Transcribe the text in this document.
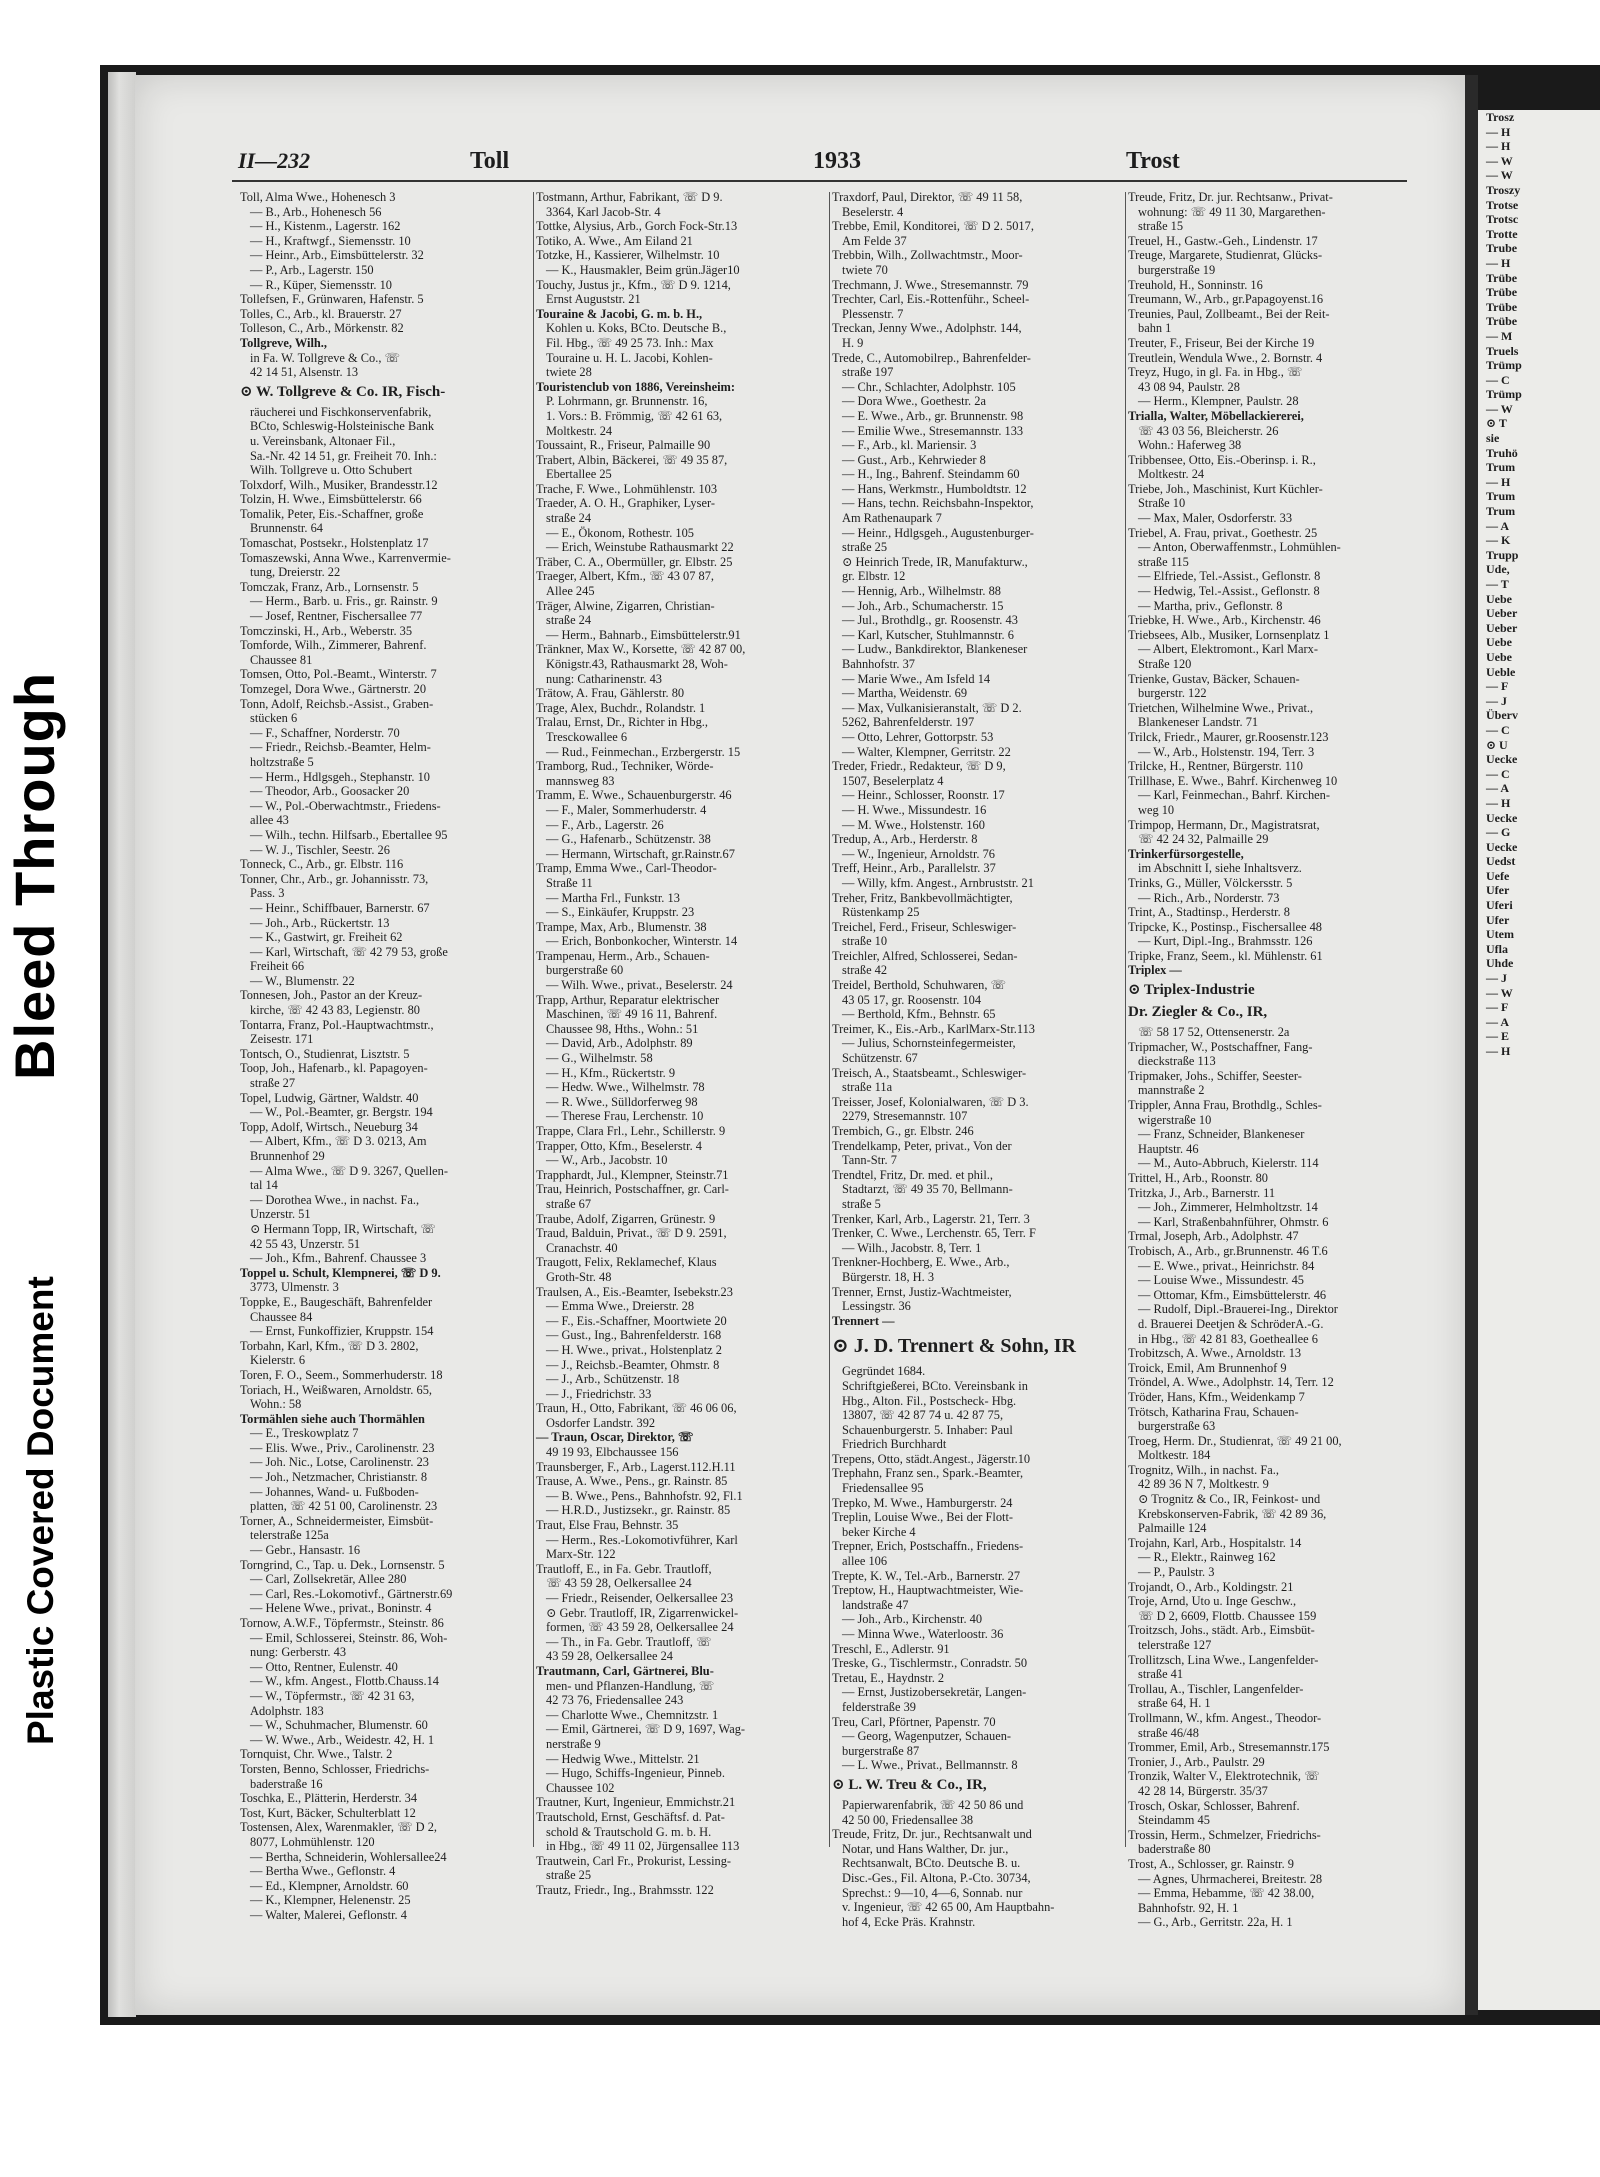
Bleed Through
Plastic Covered Document
Trosz
— H
— H
— W
— W
Troszy
Trotse
Trotsc
Trotte
Trube
— H
Trübe
Trübe
Trübe
Trübe
— M
Truels
Trümp
— C
Trümp
— W
⊙ T
sie
Truhö
Trum
— H
Trum
Trum
— A
— K
Trupp
Ude,
— T
Uebe
Ueber
Ueber
Uebe
Uebe
Ueble
— F
— J
Überv
— C
⊙ U
Uecke
— C
— A
— H
Uecke
— G
Uecke
Uedst
Uefe
Ufer
Uferi
Ufer
Utem
Ufla
Uhde
— J
— W
— F
— A
— E
— H
II—232	Toll	1933	Trost
Toll, Alma Wwe., Hohenesch 3
— B., Arb., Hohenesch 56
— H., Kistenm., Lagerstr. 162
— H., Kraftwgf., Siemensstr. 10
— Heinr., Arb., Eimsbüttelerstr. 32
— P., Arb., Lagerstr. 150
— R., Küper, Siemensstr. 10
Tollefsen, F., Grünwaren, Hafenstr. 5
Tolles, C., Arb., kl. Brauerstr. 27
Tolleson, C., Arb., Mörkenstr. 82
Tollgreve, Wilh.,
in Fa. W. Tollgreve & Co., ☏
42 14 51, Alsenstr. 13
⊙ W. Tollgreve & Co. IR, Fisch-
räucherei und Fischkonservenfabrik,
BCto, Schleswig-Holsteinische Bank
u. Vereinsbank, Altonaer Fil.,
Sa.-Nr. 42 14 51, gr. Freiheit 70. Inh.:
Wilh. Tollgreve u. Otto Schubert
Tolxdorf, Wilh., Musiker, Brandesstr.12
Tolzin, H. Wwe., Eimsbüttelerstr. 66
Tomalik, Peter, Eis.-Schaffner, große
Brunnenstr. 64
Tomaschat, Postsekr., Holstenplatz 17
Tomaszewski, Anna Wwe., Karrenvermie-
tung, Dreierstr. 22
Tomczak, Franz, Arb., Lornsenstr. 5
— Herm., Barb. u. Fris., gr. Rainstr. 9
— Josef, Rentner, Fischersallee 77
Tomczinski, H., Arb., Weberstr. 35
Tomforde, Wilh., Zimmerer, Bahrenf.
Chaussee 81
Tomsen, Otto, Pol.-Beamt., Winterstr. 7
Tomzegel, Dora Wwe., Gärtnerstr. 20
Tonn, Adolf, Reichsb.-Assist., Graben-
stücken 6
— F., Schaffner, Norderstr. 70
— Friedr., Reichsb.-Beamter, Helm-
holtzstraße 5
— Herm., Hdlgsgeh., Stephanstr. 10
— Theodor, Arb., Goosacker 20
— W., Pol.-Oberwachtmstr., Friedens-
allee 43
— Wilh., techn. Hilfsarb., Ebertallee 95
— W. J., Tischler, Seestr. 26
Tonneck, C., Arb., gr. Elbstr. 116
Tonner, Chr., Arb., gr. Johannisstr. 73,
Pass. 3
— Heinr., Schiffbauer, Barnerstr. 67
— Joh., Arb., Rückertstr. 13
— K., Gastwirt, gr. Freiheit 62
— Karl, Wirtschaft, ☏ 42 79 53, große
Freiheit 66
— W., Blumenstr. 22
Tonnesen, Joh., Pastor an der Kreuz-
kirche, ☏ 42 43 83, Legienstr. 80
Tontarra, Franz, Pol.-Hauptwachtmstr.,
Zeisestr. 171
Tontsch, O., Studienrat, Lisztstr. 5
Toop, Joh., Hafenarb., kl. Papagoyen-
straße 27
Topel, Ludwig, Gärtner, Waldstr. 40
— W., Pol.-Beamter, gr. Bergstr. 194
Topp, Adolf, Wirtsch., Neueburg 34
— Albert, Kfm., ☏ D 3. 0213, Am
Brunnenhof 29
— Alma Wwe., ☏ D 9. 3267, Quellen-
tal 14
— Dorothea Wwe., in nachst. Fa.,
Unzerstr. 51
⊙ Hermann Topp, IR, Wirtschaft, ☏
42 55 43, Unzerstr. 51
— Joh., Kfm., Bahrenf. Chaussee 3
Toppel u. Schult, Klempnerei, ☏ D 9.
3773, Ulmenstr. 3
Toppke, E., Baugeschäft, Bahrenfelder
Chaussee 84
— Ernst, Funkoffizier, Kruppstr. 154
Torbahn, Karl, Kfm., ☏ D 3. 2802,
Kielerstr. 6
Toren, F. O., Seem., Sommerhuderstr. 18
Toriach, H., Weißwaren, Arnoldstr. 65,
Wohn.: 58
Tormählen siehe auch Thormählen
— E., Treskowplatz 7
— Elis. Wwe., Priv., Carolinenstr. 23
— Joh. Nic., Lotse, Carolinenstr. 23
— Joh., Netzmacher, Christianstr. 8
— Johannes, Wand- u. Fußboden-
platten, ☏ 42 51 00, Carolinenstr. 23
Torner, A., Schneidermeister, Eimsbüt-
telerstraße 125a
— Gebr., Hansastr. 16
Torngrind, C., Tap. u. Dek., Lornsenstr. 5
— Carl, Zollsekretär, Allee 280
— Carl, Res.-Lokomotivf., Gärtnerstr.69
— Helene Wwe., privat., Boninstr. 4
Tornow, A.W.F., Töpfermstr., Steinstr. 86
— Emil, Schlosserei, Steinstr. 86, Woh-
nung: Gerberstr. 43
— Otto, Rentner, Eulenstr. 40
— W., kfm. Angest., Flottb.Chauss.14
— W., Töpfermstr., ☏ 42 31 63,
Adolphstr. 183
— W., Schuhmacher, Blumenstr. 60
— W. Wwe., Arb., Weidestr. 42, H. 1
Tornquist, Chr. Wwe., Talstr. 2
Torsten, Benno, Schlosser, Friedrichs-
baderstraße 16
Toschka, E., Plätterin, Herderstr. 34
Tost, Kurt, Bäcker, Schulterblatt 12
Tostensen, Alex, Warenmakler, ☏ D 2,
8077, Lohmühlenstr. 120
— Bertha, Schneiderin, Wohlersallee24
— Bertha Wwe., Geflonstr. 4
— Ed., Klempner, Arnoldstr. 60
— K., Klempner, Helenenstr. 25
— Walter, Malerei, Geflonstr. 4
Tostmann, Arthur, Fabrikant, ☏ D 9.
3364, Karl Jacob-Str. 4
Tottke, Alysius, Arb., Gorch Fock-Str.13
Totiko, A. Wwe., Am Eiland 21
Totzke, H., Kassierer, Wilhelmstr. 10
— K., Hausmakler, Beim grün.Jäger10
Touchy, Justus jr., Kfm., ☏ D 9. 1214,
Ernst Auguststr. 21
Touraine & Jacobi, G. m. b. H.,
Kohlen u. Koks, BCto. Deutsche B.,
Fil. Hbg., ☏ 49 25 73. Inh.: Max
Touraine u. H. L. Jacobi, Kohlen-
twiete 28
Touristenclub von 1886, Vereinsheim:
P. Lohrmann, gr. Brunnenstr. 16,
1. Vors.: B. Frömmig, ☏ 42 61 63,
Moltkestr. 24
Toussaint, R., Friseur, Palmaille 90
Trabert, Albin, Bäckerei, ☏ 49 35 87,
Ebertallee 25
Trache, F. Wwe., Lohmühlenstr. 103
Traeder, A. O. H., Graphiker, Lyser-
straße 24
— E., Ökonom, Rothestr. 105
— Erich, Weinstube Rathausmarkt 22
Träber, C. A., Obermüller, gr. Elbstr. 25
Traeger, Albert, Kfm., ☏ 43 07 87,
Allee 245
Träger, Alwine, Zigarren, Christian-
straße 24
— Herm., Bahnarb., Eimsbüttelerstr.91
Tränkner, Max W., Korsette, ☏ 42 87 00,
Königstr.43, Rathausmarkt 28, Woh-
nung: Catharinenstr. 43
Trätow, A. Frau, Gählerstr. 80
Trage, Alex, Buchdr., Rolandstr. 1
Tralau, Ernst, Dr., Richter in Hbg.,
Tresckowallee 6
— Rud., Feinmechan., Erzbergerstr. 15
Tramborg, Rud., Techniker, Wörde-
mannsweg 83
Tramm, E. Wwe., Schauenburgerstr. 46
— F., Maler, Sommerhuderstr. 4
— F., Arb., Lagerstr. 26
— G., Hafenarb., Schützenstr. 38
— Hermann, Wirtschaft, gr.Rainstr.67
Tramp, Emma Wwe., Carl-Theodor-
Straße 11
— Martha Frl., Funkstr. 13
— S., Einkäufer, Kruppstr. 23
Trampe, Max, Arb., Blumenstr. 38
— Erich, Bonbonkocher, Winterstr. 14
Trampenau, Herm., Arb., Schauen-
burgerstraße 60
— Wilh. Wwe., privat., Beselerstr. 24
Trapp, Arthur, Reparatur elektrischer
Maschinen, ☏ 49 16 11, Bahrenf.
Chaussee 98, Hths., Wohn.: 51
— David, Arb., Adolphstr. 89
— G., Wilhelmstr. 58
— H., Kfm., Rückertstr. 9
— Hedw. Wwe., Wilhelmstr. 78
— R. Wwe., Sülldorferweg 98
— Therese Frau, Lerchenstr. 10
Trappe, Clara Frl., Lehr., Schillerstr. 9
Trapper, Otto, Kfm., Beselerstr. 4
— W., Arb., Jacobstr. 10
Trapphardt, Jul., Klempner, Steinstr.71
Trau, Heinrich, Postschaffner, gr. Carl-
straße 67
Traube, Adolf, Zigarren, Grünestr. 9
Traud, Balduin, Privat., ☏ D 9. 2591,
Cranachstr. 40
Traugott, Felix, Reklamechef, Klaus
Groth-Str. 48
Traulsen, A., Eis.-Beamter, Isebekstr.23
— Emma Wwe., Dreierstr. 28
— F., Eis.-Schaffner, Moortwiete 20
— Gust., Ing., Bahrenfelderstr. 168
— H. Wwe., privat., Holstenplatz 2
— J., Reichsb.-Beamter, Ohmstr. 8
— J., Arb., Schützenstr. 18
— J., Friedrichstr. 33
Traun, H., Otto, Fabrikant, ☏ 46 06 06,
Osdorfer Landstr. 392
— Traun, Oscar, Direktor, ☏
49 19 93, Elbchaussee 156
Traunsberger, F., Arb., Lagerst.112.H.11
Trause, A. Wwe., Pens., gr. Rainstr. 85
— B. Wwe., Pens., Bahnhofstr. 92, Fl.1
— H.R.D., Justizsekr., gr. Rainstr. 85
Traut, Else Frau, Behnstr. 35
— Herm., Res.-Lokomotivführer, Karl
Marx-Str. 122
Trautloff, E., in Fa. Gebr. Trautloff,
☏ 43 59 28, Oelkersallee 24
— Friedr., Reisender, Oelkersallee 23
⊙ Gebr. Trautloff, IR, Zigarrenwickel-
formen, ☏ 43 59 28, Oelkersallee 24
— Th., in Fa. Gebr. Trautloff, ☏
43 59 28, Oelkersallee 24
Trautmann, Carl, Gärtnerei, Blu-
men- und Pflanzen-Handlung, ☏
42 73 76, Friedensallee 243
— Charlotte Wwe., Chemnitzstr. 1
— Emil, Gärtnerei, ☏ D 9, 1697, Wag-
nerstraße 9
— Hedwig Wwe., Mittelstr. 21
— Hugo, Schiffs-Ingenieur, Pinneb.
Chaussee 102
Trautner, Kurt, Ingenieur, Emmichstr.21
Trautschold, Ernst, Geschäftsf. d. Pat-
schold & Trautschold G. m. b. H.
in Hbg., ☏ 49 11 02, Jürgensallee 113
Trautwein, Carl Fr., Prokurist, Lessing-
straße 25
Trautz, Friedr., Ing., Brahmsstr. 122
Traxdorf, Paul, Direktor, ☏ 49 11 58,
Beselerstr. 4
Trebbe, Emil, Konditorei, ☏ D 2. 5017,
Am Felde 37
Trebbin, Wilh., Zollwachtmstr., Moor-
twiete 70
Trechmann, J. Wwe., Stresemannstr. 79
Trechter, Carl, Eis.-Rottenführ., Scheel-
Plessenstr. 7
Treckan, Jenny Wwe., Adolphstr. 144,
H. 9
Trede, C., Automobilrep., Bahrenfelder-
straße 197
— Chr., Schlachter, Adolphstr. 105
— Dora Wwe., Goethestr. 2a
— E. Wwe., Arb., gr. Brunnenstr. 98
— Emilie Wwe., Stresemannstr. 133
— F., Arb., kl. Mariensir. 3
— Gust., Arb., Kehrwieder 8
— H., Ing., Bahrenf. Steindamm 60
— Hans, Werkmstr., Humboldtstr. 12
— Hans, techn. Reichsbahn-Inspektor,
Am Rathenaupark 7
— Heinr., Hdlgsgeh., Augustenburger-
straße 25
⊙ Heinrich Trede, IR, Manufakturw.,
gr. Elbstr. 12
— Hennig, Arb., Wilhelmstr. 88
— Joh., Arb., Schumacherstr. 15
— Jul., Brothdlg., gr. Roosenstr. 43
— Karl, Kutscher, Stuhlmannstr. 6
— Ludw., Bankdirektor, Blankeneser
Bahnhofstr. 37
— Marie Wwe., Am Isfeld 14
— Martha, Weidenstr. 69
— Max, Vulkanisieranstalt, ☏ D 2.
5262, Bahrenfelderstr. 197
— Otto, Lehrer, Gottorpstr. 53
— Walter, Klempner, Gerritstr. 22
Treder, Friedr., Redakteur, ☏ D 9,
1507, Beselerplatz 4
— Heinr., Schlosser, Roonstr. 17
— H. Wwe., Missundestr. 16
— M. Wwe., Holstenstr. 160
Tredup, A., Arb., Herderstr. 8
— W., Ingenieur, Arnoldstr. 76
Treff, Heinr., Arb., Parallelstr. 37
— Willy, kfm. Angest., Arnbruststr. 21
Treher, Fritz, Bankbevollmächtigter,
Rüstenkamp 25
Treichel, Ferd., Friseur, Schleswiger-
straße 10
Treichler, Alfred, Schlosserei, Sedan-
straße 42
Treidel, Berthold, Schuhwaren, ☏
43 05 17, gr. Roosenstr. 104
— Berthold, Kfm., Behnstr. 65
Treimer, K., Eis.-Arb., KarlMarx-Str.113
— Julius, Schornsteinfegermeister,
Schützenstr. 67
Treisch, A., Staatsbeamt., Schleswiger-
straße 11a
Treisser, Josef, Kolonialwaren, ☏ D 3.
2279, Stresemannstr. 107
Trembich, G., gr. Elbstr. 246
Trendelkamp, Peter, privat., Von der
Tann-Str. 7
Trendtel, Fritz, Dr. med. et phil.,
Stadtarzt, ☏ 49 35 70, Bellmann-
straße 5
Trenker, Karl, Arb., Lagerstr. 21, Terr. 3
Trenker, C. Wwe., Lerchenstr. 65, Terr. F
— Wilh., Jacobstr. 8, Terr. 1
Trenkner-Hochberg, E. Wwe., Arb.,
Bürgerstr. 18, H. 3
Trenner, Ernst, Justiz-Wachtmeister,
Lessingstr. 36
Trennert —
⊙ J. D. Trennert & Sohn, IR
Gegründet 1684.
Schriftgießerei, BCto. Vereinsbank in
Hbg., Alton. Fil., Postscheck- Hbg.
13807, ☏ 42 87 74 u. 42 87 75,
Schauenburgerstr. 5. Inhaber: Paul
Friedrich Burchhardt
Trepens, Otto, städt.Angest., Jägerstr.10
Trephahn, Franz sen., Spark.-Beamter,
Friedensallee 95
Trepko, M. Wwe., Hamburgerstr. 24
Treplin, Louise Wwe., Bei der Flott-
beker Kirche 4
Trepner, Erich, Postschaffn., Friedens-
allee 106
Trepte, K. W., Tel.-Arb., Barnerstr. 27
Treptow, H., Hauptwachtmeister, Wie-
landstraße 47
— Joh., Arb., Kirchenstr. 40
— Minna Wwe., Waterloostr. 36
Treschl, E., Adlerstr. 91
Treske, G., Tischlermstr., Conradstr. 50
Tretau, E., Haydnstr. 2
— Ernst, Justizobersekretär, Langen-
felderstraße 39
Treu, Carl, Pförtner, Papenstr. 70
— Georg, Wagenputzer, Schauen-
burgerstraße 87
— L. Wwe., Privat., Bellmannstr. 8
⊙ L. W. Treu & Co., IR,
Papierwarenfabrik, ☏ 42 50 86 und
42 50 00, Friedensallee 38
Treude, Fritz, Dr. jur., Rechtsanwalt und
Notar, und Hans Walther, Dr. jur.,
Rechtsanwalt, BCto. Deutsche B. u.
Disc.-Ges., Fil. Altona, P.-Cto. 30734,
Sprechst.: 9—10, 4—6, Sonnab. nur
v. Ingenieur, ☏ 42 65 00, Am Hauptbahn-
hof 4, Ecke Präs. Krahnstr.
Treude, Fritz, Dr. jur. Rechtsanw., Privat-
wohnung: ☏ 49 11 30, Margarethen-
straße 15
Treuel, H., Gastw.-Geh., Lindenstr. 17
Treuge, Margarete, Studienrat, Glücks-
burgerstraße 19
Treuhold, H., Sonninstr. 16
Treumann, W., Arb., gr.Papagoyenst.16
Treunies, Paul, Zollbeamt., Bei der Reit-
bahn 1
Treuter, F., Friseur, Bei der Kirche 19
Treutlein, Wendula Wwe., 2. Bornstr. 4
Treyz, Hugo, in gl. Fa. in Hbg., ☏
43 08 94, Paulstr. 28
— Herm., Klempner, Paulstr. 28
Trialla, Walter, Möbellackiererei,
☏ 43 03 56, Bleicherstr. 26
Wohn.: Haferweg 38
Tribbensee, Otto, Eis.-Oberinsp. i. R.,
Moltkestr. 24
Triebe, Joh., Maschinist, Kurt Küchler-
Straße 10
— Max, Maler, Osdorferstr. 33
Triebel, A. Frau, privat., Goethestr. 25
— Anton, Oberwaffenmstr., Lohmühlen-
straße 115
— Elfriede, Tel.-Assist., Geflonstr. 8
— Hedwig, Tel.-Assist., Geflonstr. 8
— Martha, priv., Geflonstr. 8
Triebke, H. Wwe., Arb., Kirchenstr. 46
Triebsees, Alb., Musiker, Lornsenplatz 1
— Albert, Elektromont., Karl Marx-
Straße 120
Trienke, Gustav, Bäcker, Schauen-
burgerstr. 122
Trietchen, Wilhelmine Wwe., Privat.,
Blankeneser Landstr. 71
Trilck, Friedr., Maurer, gr.Roosenstr.123
— W., Arb., Holstenstr. 194, Terr. 3
Trilcke, H., Rentner, Bürgerstr. 110
Trillhase, E. Wwe., Bahrf. Kirchenweg 10
— Karl, Feinmechan., Bahrf. Kirchen-
weg 10
Trimpop, Hermann, Dr., Magistratsrat,
☏ 42 24 32, Palmaille 29
Trinkerfürsorgestelle,
im Abschnitt I, siehe Inhaltsverz.
Trinks, G., Müller, Völckersstr. 5
— Rich., Arb., Norderstr. 73
Trint, A., Stadtinsp., Herderstr. 8
Tripcke, K., Postinsp., Fischersallee 48
— Kurt, Dipl.-Ing., Brahmsstr. 126
Tripke, Franz, Seem., kl. Mühlenstr. 61
Triplex —
⊙ Triplex-Industrie
Dr. Ziegler & Co., IR,
☏ 58 17 52, Ottensenerstr. 2a
Tripmacher, W., Postschaffner, Fang-
dieckstraße 113
Tripmaker, Johs., Schiffer, Seester-
mannstraße 2
Trippler, Anna Frau, Brothdlg., Schles-
wigerstraße 10
— Franz, Schneider, Blankeneser
Hauptstr. 46
— M., Auto-Abbruch, Kielerstr. 114
Trittel, H., Arb., Roonstr. 80
Tritzka, J., Arb., Barnerstr. 11
— Joh., Zimmerer, Helmholtzstr. 14
— Karl, Straßenbahnführer, Ohmstr. 6
Trmal, Joseph, Arb., Adolphstr. 47
Trobisch, A., Arb., gr.Brunnenstr. 46 T.6
— E. Wwe., privat., Heinrichstr. 84
— Louise Wwe., Missundestr. 45
— Ottomar, Kfm., Eimsbüttelerstr. 46
— Rudolf, Dipl.-Brauerei-Ing., Direktor
d. Brauerei Deetjen & SchröderA.-G.
in Hbg., ☏ 42 81 83, Goetheallee 6
Trobitzsch, A. Wwe., Arnoldstr. 13
Troick, Emil, Am Brunnenhof 9
Tröndel, A. Wwe., Adolphstr. 14, Terr. 12
Tröder, Hans, Kfm., Weidenkamp 7
Trötsch, Katharina Frau, Schauen-
burgerstraße 63
Troeg, Herm. Dr., Studienrat, ☏ 49 21 00,
Moltkestr. 184
Trognitz, Wilh., in nachst. Fa.,
42 89 36 N 7, Moltkestr. 9
⊙ Trognitz & Co., IR, Feinkost- und
Krebskonserven-Fabrik, ☏ 42 89 36,
Palmaille 124
Trojahn, Karl, Arb., Hospitalstr. 14
— R., Elektr., Rainweg 162
— P., Paulstr. 3
Trojandt, O., Arb., Koldingstr. 21
Troje, Arnd, Uto u. Inge Geschw.,
☏ D 2, 6609, Flottb. Chaussee 159
Troitzsch, Johs., städt. Arb., Eimsbüt-
telerstraße 127
Trollitzsch, Lina Wwe., Langenfelder-
straße 41
Trollau, A., Tischler, Langenfelder-
straße 64, H. 1
Trollmann, W., kfm. Angest., Theodor-
straße 46/48
Trommer, Emil, Arb., Stresemannstr.175
Tronier, J., Arb., Paulstr. 29
Tronzik, Walter V., Elektrotechnik, ☏
42 28 14, Bürgerstr. 35/37
Trosch, Oskar, Schlosser, Bahrenf.
Steindamm 45
Trossin, Herm., Schmelzer, Friedrichs-
baderstraße 80
Trost, A., Schlosser, gr. Rainstr. 9
— Agnes, Uhrmacherei, Breitestr. 28
— Emma, Hebamme, ☏ 42 38.00,
Bahnhofstr. 92, H. 1
— G., Arb., Gerritstr. 22a, H. 1
